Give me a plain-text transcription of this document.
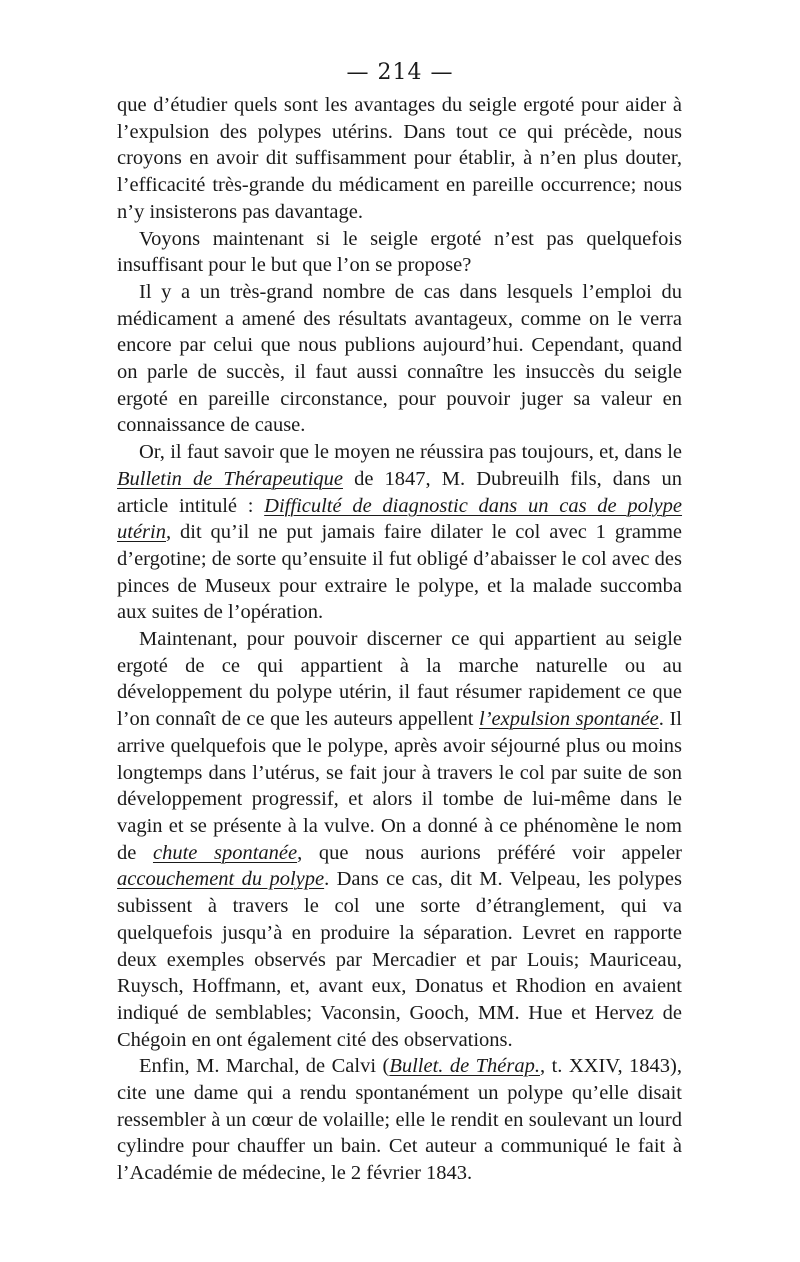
— 214 —

que d’étudier quels sont les avantages du seigle ergoté pour aider à l’expulsion des polypes utérins. Dans tout ce qui précède, nous croyons en avoir dit suffisamment pour établir, à n’en plus douter, l’efficacité très-grande du médicament en pareille occurrence; nous n’y insisterons pas davantage.

Voyons maintenant si le seigle ergoté n’est pas quelquefois insuffisant pour le but que l’on se propose?

Il y a un très-grand nombre de cas dans lesquels l’emploi du médicament a amené des résultats avantageux, comme on le verra encore par celui que nous publions aujourd’hui. Cependant, quand on parle de succès, il faut aussi connaître les insuccès du seigle ergoté en pareille circonstance, pour pouvoir juger sa valeur en connaissance de cause.

Or, il faut savoir que le moyen ne réussira pas toujours, et, dans le Bulletin de Thérapeutique de 1847, M. Dubreuilh fils, dans un article intitulé : Difficulté de diagnostic dans un cas de polype utérin, dit qu’il ne put jamais faire dilater le col avec 1 gramme d’ergotine; de sorte qu’ensuite il fut obligé d’abaisser le col avec des pinces de Museux pour extraire le polype, et la malade succomba aux suites de l’opération.

Maintenant, pour pouvoir discerner ce qui appartient au seigle ergoté de ce qui appartient à la marche naturelle ou au développement du polype utérin, il faut résumer rapidement ce que l’on connaît de ce que les auteurs appellent l’expulsion spontanée. Il arrive quelquefois que le polype, après avoir séjourné plus ou moins longtemps dans l’utérus, se fait jour à travers le col par suite de son développement progressif, et alors il tombe de lui-même dans le vagin et se présente à la vulve. On a donné à ce phénomène le nom de chute spontanée, que nous aurions préféré voir appeler accouchement du polype. Dans ce cas, dit M. Velpeau, les polypes subissent à travers le col une sorte d’étranglement, qui va quelquefois jusqu’à en produire la séparation. Levret en rapporte deux exemples observés par Mercadier et par Louis; Mauriceau, Ruysch, Hoffmann, et, avant eux, Donatus et Rhodion en avaient indiqué de semblables; Vaconsin, Gooch, MM. Hue et Hervez de Chégoin en ont également cité des observations.

Enfin, M. Marchal, de Calvi (Bullet. de Thérap., t. XXIV, 1843), cite une dame qui a rendu spontanément un polype qu’elle disait ressembler à un cœur de volaille; elle le rendit en soulevant un lourd cylindre pour chauffer un bain. Cet auteur a communiqué le fait à l’Académie de médecine, le 2 février 1843.
